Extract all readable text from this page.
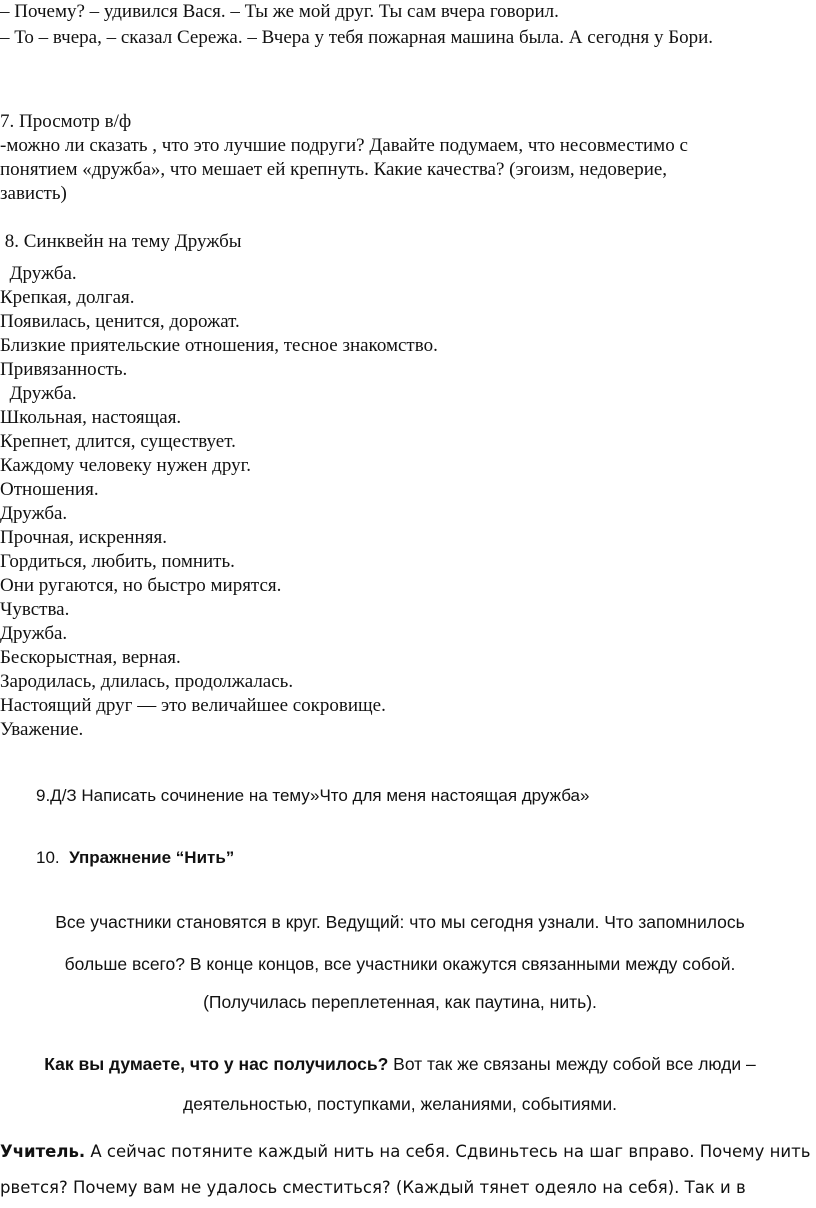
– Почему? – удивился Вася. – Ты же мой друг. Ты сам вчера говорил.
– То – вчера, – сказал Сережа. – Вчера у тебя пожарная машина была. А сегодня у Бори.
7. Просмотр в/ф
-можно ли сказать , что это лучшие подруги? Давайте подумаем, что несовместимо с
понятием «дружба», что мешает ей крепнуть. Какие качества? (эгоизм, недоверие,
зависть)
8. Синквейн на тему Дружбы
Дружба.
Крепкая, долгая.
Появилась, ценится, дорожат.
Близкие приятельские отношения, тесное знакомство.
Привязанность.
Дружба.
Школьная, настоящая.
Крепнет, длится, существует.
Каждому человеку нужен друг.
Отношения.
Дружба.
Прочная, искренняя.
Гордиться, любить, помнить.
Они ругаются, но быстро мирятся.
Чувства.
Дружба.
Бескорыстная, верная.
Зародилась, длилась, продолжалась.
Настоящий друг — это величайшее сокровище.
Уважение.
9.Д/З Написать сочинение на тему»Что для меня настоящая дружба»
10. Упражнение “Нить”
Все участники становятся в круг. Ведущий: что мы сегодня узнали. Что запомнилось
больше всего? В конце концов, все участники окажутся связанными между собой.
(Получилась переплетенная, как паутина, нить).
Как вы думаете, что у нас получилось? Вот так же связаны между собой все люди –
деятельностью, поступками, желаниями, событиями.
Учитель. А сейчас потяните каждый нить на себя. Сдвиньтесь на шаг вправо. Почему нить
рвется? Почему вам не удалось сместиться? (Каждый тянет одеяло на себя). Так и в
